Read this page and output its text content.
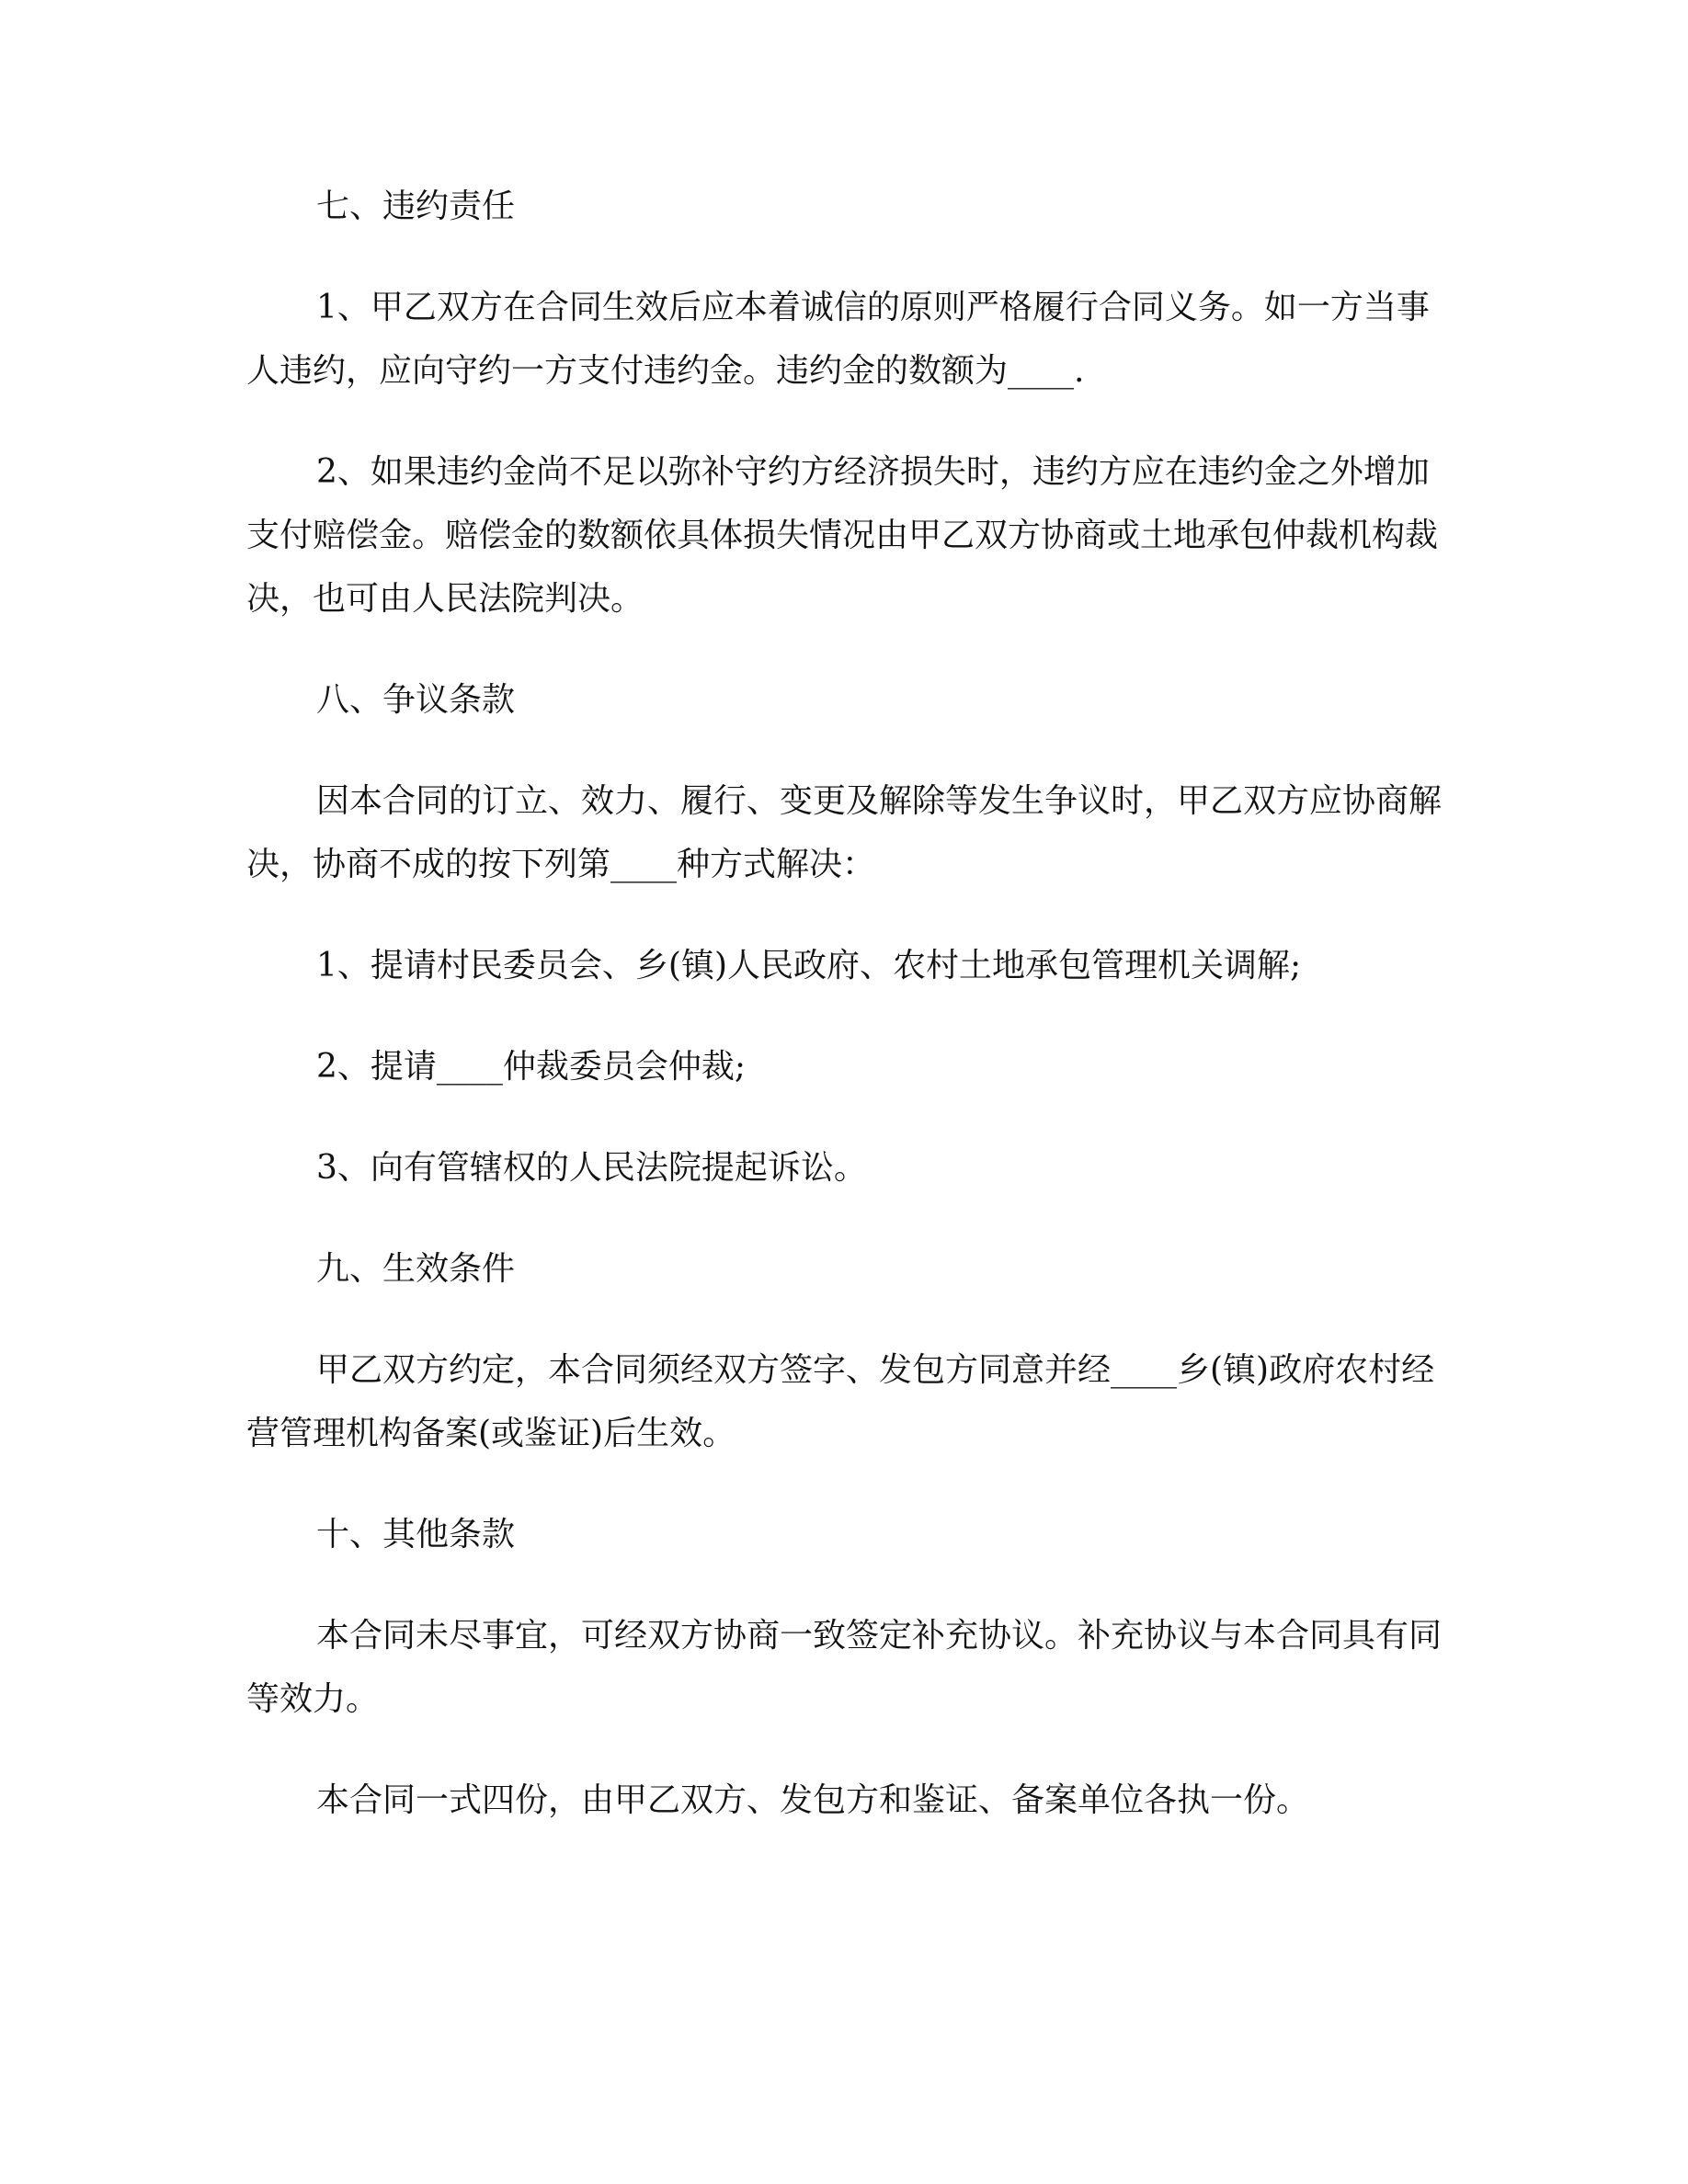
七、违约责任

1、甲乙双方在合同生效后应本着诚信的原则严格履行合同义务。如一方当事人违约，应向守约一方支付违约金。违约金的数额为____.

2、如果违约金尚不足以弥补守约方经济损失时，违约方应在违约金之外增加支付赔偿金。赔偿金的数额依具体损失情况由甲乙双方协商或土地承包仲裁机构裁决，也可由人民法院判决。

八、争议条款

因本合同的订立、效力、履行、变更及解除等发生争议时，甲乙双方应协商解决，协商不成的按下列第____种方式解决：

1、提请村民委员会、乡(镇)人民政府、农村土地承包管理机关调解;

2、提请____仲裁委员会仲裁;

3、向有管辖权的人民法院提起诉讼。

九、生效条件

甲乙双方约定，本合同须经双方签字、发包方同意并经____乡(镇)政府农村经营管理机构备案(或鉴证)后生效。

十、其他条款

本合同未尽事宜，可经双方协商一致签定补充协议。补充协议与本合同具有同等效力。

本合同一式四份，由甲乙双方、发包方和鉴证、备案单位各执一份。
